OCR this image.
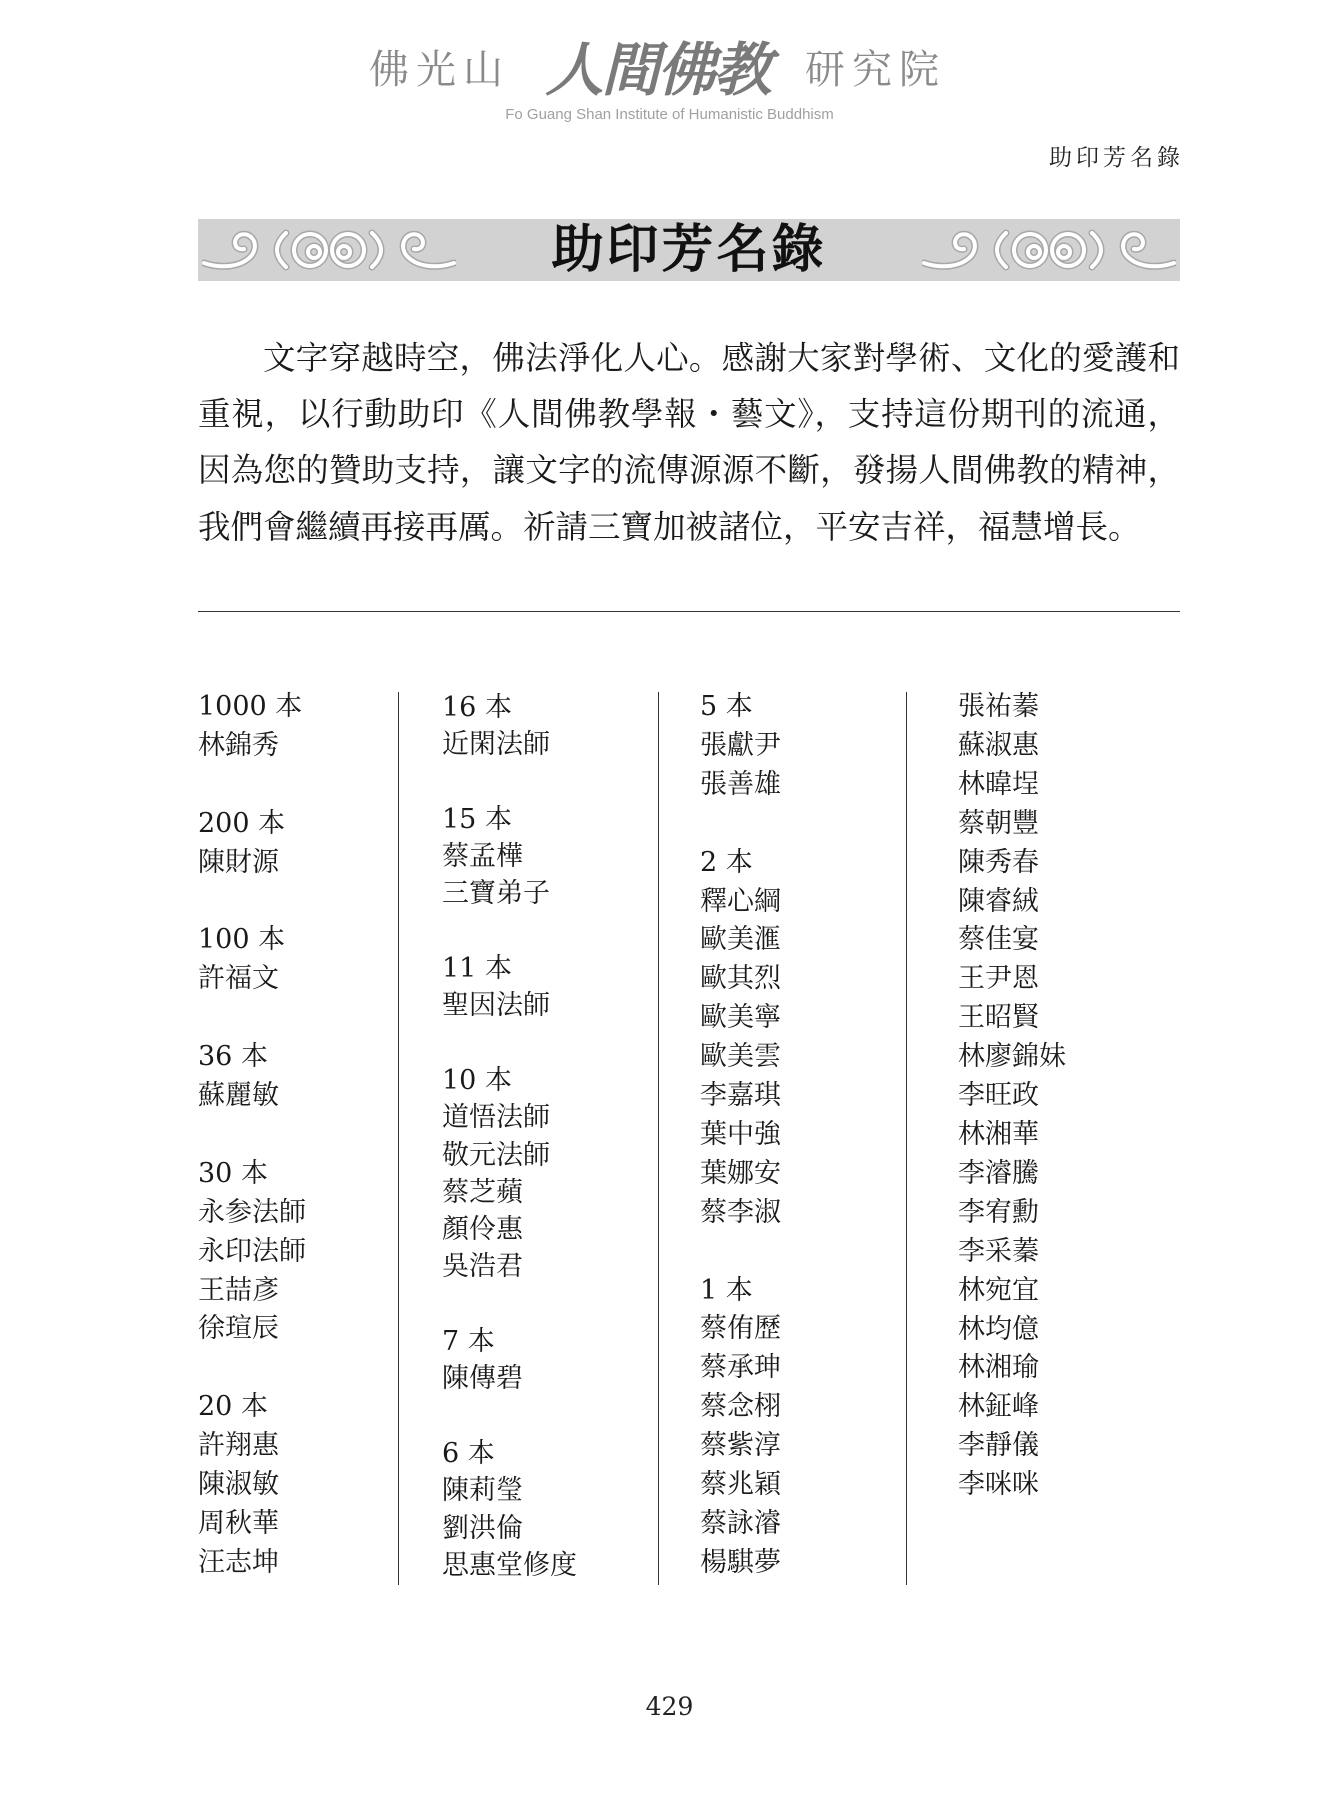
佛光山 人間佛教 研究院
Fo Guang Shan Institute of Humanistic Buddhism
助印芳名錄
助印芳名錄
文字穿越時空，佛法淨化人心。感謝大家對學術、文化的愛護和
重視，以行動助印《人間佛教學報・藝文》，支持這份期刊的流通，
因為您的贊助支持，讓文字的流傳源源不斷，發揚人間佛教的精神，
我們會繼續再接再厲。祈請三寶加被諸位，平安吉祥，福慧增長。
1000 本
林錦秀
200 本
陳財源
100 本
許福文
36 本
蘇麗敏
30 本
永参法師
永印法師
王喆彥
徐瑄辰
20 本
許翔惠
陳淑敏
周秋華
汪志坤
16 本
近閑法師
15 本
蔡孟樺
三寶弟子
11 本
聖因法師
10 本
道悟法師
敬元法師
蔡芝蘋
顏伶惠
吳浩君
7 本
陳傳碧
6 本
陳莉瑩
劉洪倫
思惠堂修度
5 本
張獻尹
張善雄
2 本
釋心綱
歐美滙
歐其烈
歐美寧
歐美雲
李嘉琪
葉中強
葉娜安
蔡李淑
1 本
蔡侑歷
蔡承珅
蔡念栩
蔡紫淳
蔡兆穎
蔡詠濬
楊騏夢
張祐蓁
蘇淑惠
林暐埕
蔡朝豐
陳秀春
陳睿絨
蔡佳宴
王尹恩
王昭賢
林廖錦妹
李旺政
林湘華
李濬騰
李宥勳
李采蓁
林宛宜
林均億
林湘瑜
林鉦峰
李靜儀
李咪咪
429
